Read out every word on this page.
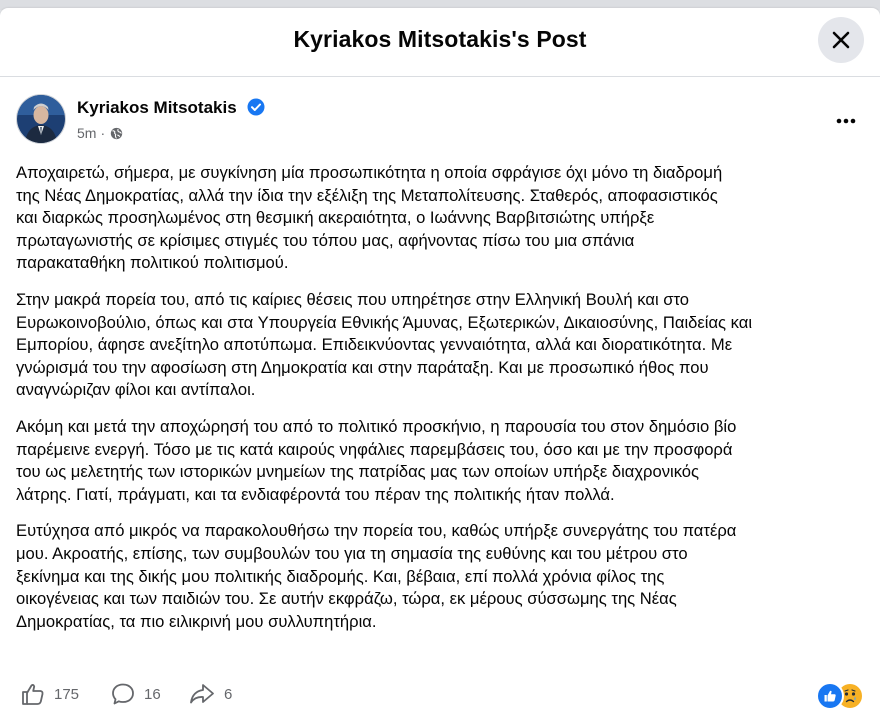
Kyriakos Mitsotakis's Post
Kyriakos Mitsotakis
5m ·

Αποχαιρετώ, σήμερα, με συγκίνηση μία προσωπικότητα η οποία σφράγισε όχι μόνο τη διαδρομή
της Νέας Δημοκρατίας, αλλά την ίδια την εξέλιξη της Μεταπολίτευσης. Σταθερός, αποφασιστικός
και διαρκώς προσηλωμένος στη θεσμική ακεραιότητα, ο Ιωάννης Βαρβιτσιώτης υπήρξε
πρωταγωνιστής σε κρίσιμες στιγμές του τόπου μας, αφήνοντας πίσω του μια σπάνια
παρακαταθήκη πολιτικού πολιτισμού.

Στην μακρά πορεία του, από τις καίριες θέσεις που υπηρέτησε στην Ελληνική Βουλή και στο
Ευρωκοινοβούλιο, όπως και στα Υπουργεία Εθνικής Άμυνας, Εξωτερικών, Δικαιοσύνης, Παιδείας και
Εμπορίου, άφησε ανεξίτηλο αποτύπωμα. Επιδεικνύοντας γενναιότητα, αλλά και διορατικότητα. Με
γνώρισμά του την αφοσίωση στη Δημοκρατία και στην παράταξη. Και με προσωπικό ήθος που
αναγνώριζαν φίλοι και αντίπαλοι.

Ακόμη και μετά την αποχώρησή του από το πολιτικό προσκήνιο, η παρουσία του στον δημόσιο βίο
παρέμεινε ενεργή. Τόσο με τις κατά καιρούς νηφάλιες παρεμβάσεις του, όσο και με την προσφορά
του ως μελετητής των ιστορικών μνημείων της πατρίδας μας των οποίων υπήρξε διαχρονικός
λάτρης. Γιατί, πράγματι, και τα ενδιαφέροντά του πέραν της πολιτικής ήταν πολλά.

Ευτύχησα από μικρός να παρακολουθήσω την πορεία του, καθώς υπήρξε συνεργάτης του πατέρα
μου. Ακροατής, επίσης, των συμβουλών του για τη σημασία της ευθύνης και του μέτρου στο
ξεκίνημα και της δικής μου πολιτικής διαδρομής. Και, βέβαια, επί πολλά χρόνια φίλος της
οικογένειας και των παιδιών του. Σε αυτήν εκφράζω, τώρα, εκ μέρους σύσσωμης της Νέας
Δημοκρατίας, τα πιο ειλικρινή μου συλλυπητήρια.

175	16	6
